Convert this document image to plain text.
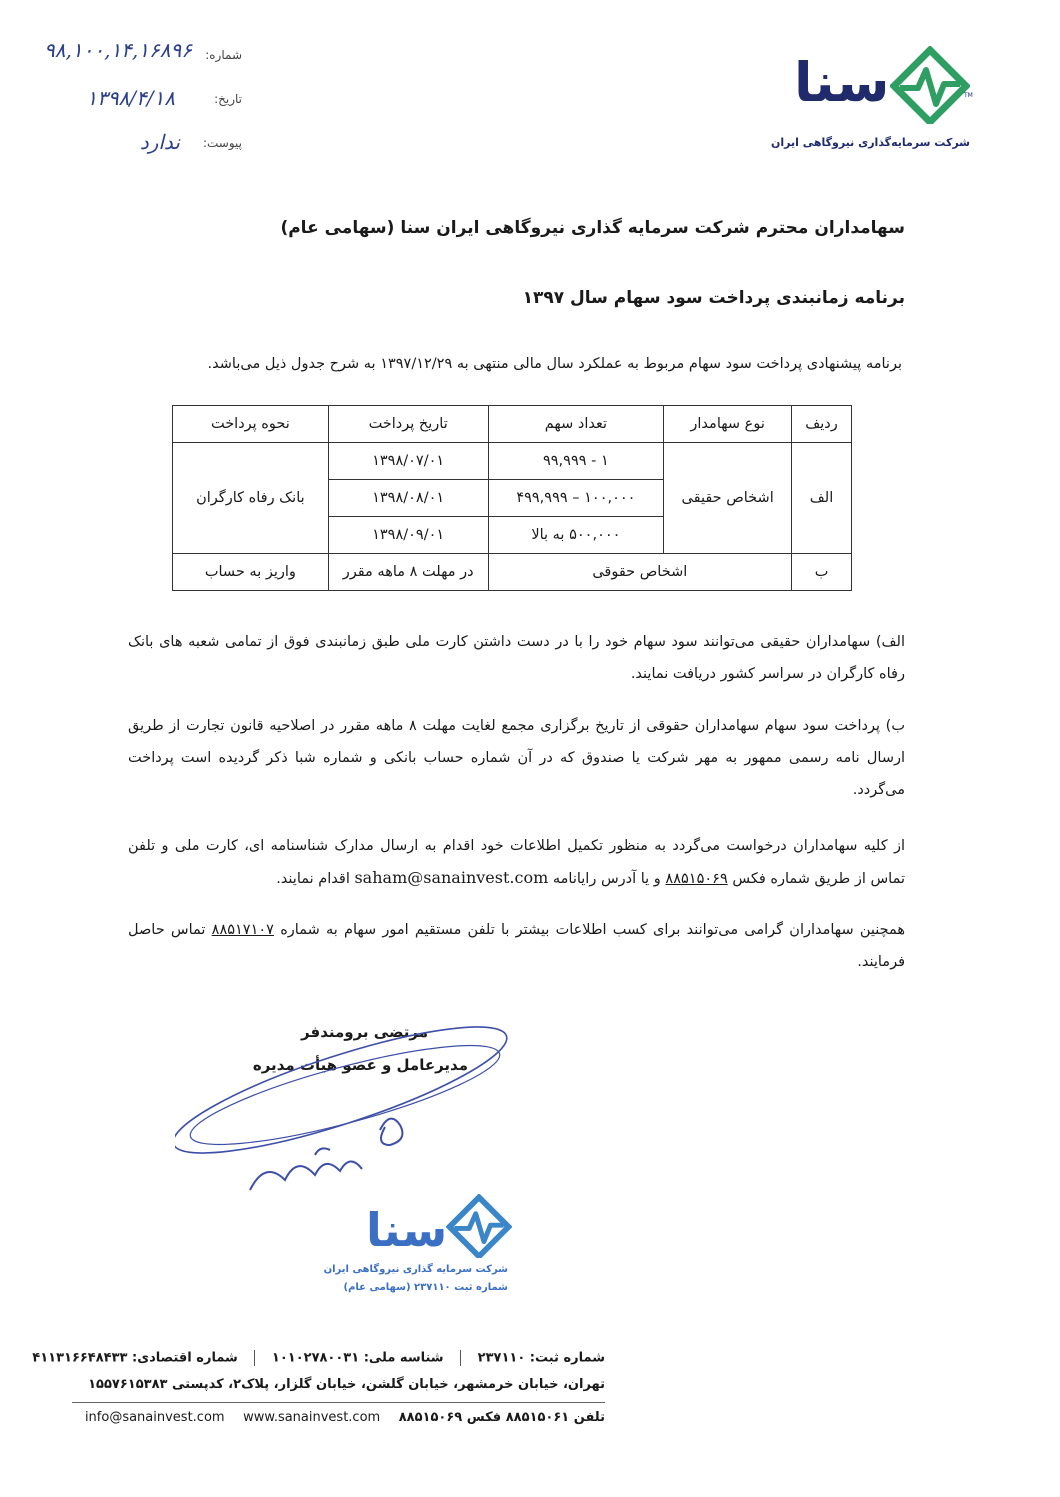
شماره:
۹۸,۱۰۰,۱۴,۱۶۸۹۶
تاریخ:
۱۳۹۸/۴/۱۸
پیوست:
ندارد
سنا	TM
شرکت سرمایه‌گذاری نیروگاهی ایران
سهامداران محترم شرکت سرمایه گذاری نیروگاهی ایران سنا (سهامی عام)
برنامه زمانبندی پرداخت سود سهام سال ۱۳۹۷
برنامه پیشنهادی پرداخت سود سهام مربوط به عملکرد سال مالی منتهی به ۱۳۹۷/۱۲/۲۹ به شرح جدول ذیل می‌باشد.
ردیف	نوع سهامدار	تعداد سهم	تاریخ پرداخت	نحوه پرداخت
الف	اشخاص حقیقی	۱ - ۹۹,۹۹۹	۱۳۹۸/۰۷/۰۱	بانک رفاه کارگران
		۱۰۰,۰۰۰ – ۴۹۹,۹۹۹	۱۳۹۸/۰۸/۰۱	
		۵۰۰,۰۰۰ به بالا	۱۳۹۸/۰۹/۰۱	
ب	اشخاص حقوقی		در مهلت ۸ ماهه مقرر	واریز به حساب
الف) سهامداران حقیقی می‌توانند سود سهام خود را با در دست داشتن کارت ملی طبق زمانبندی فوق از تمامی شعبه های بانک رفاه کارگران در سراسر کشور دریافت نمایند.
ب) پرداخت سود سهام سهامداران حقوقی از تاریخ برگزاری مجمع لغایت مهلت ۸ ماهه مقرر در اصلاحیه قانون تجارت از طریق ارسال نامه رسمی ممهور به مهر شرکت یا صندوق که در آن شماره حساب بانکی و شماره شبا ذکر گردیده است پرداخت می‌گردد.
از کلیه سهامداران درخواست می‌گردد به منظور تکمیل اطلاعات خود اقدام به ارسال مدارک شناسنامه ای، کارت ملی و تلفن تماس از طریق شماره فکس ۸۸۵۱۵۰۶۹ و یا آدرس رایانامه saham@sanainvest.com اقدام نمایند.
همچنین سهامداران گرامی می‌توانند برای کسب اطلاعات بیشتر با تلفن مستقیم امور سهام به شماره ۸۸۵۱۷۱۰۷ تماس حاصل فرمایند.
مرتضی برومندفر
مدیرعامل و عضو هیأت مدیره
سنا
شرکت سرمایه گذاری نیروگاهی ایران
شماره ثبت ۲۳۷۱۱۰ (سهامی عام)
شماره ثبت: ۲۳۷۱۱۰  شناسه ملی: ۱۰۱۰۲۷۸۰۰۳۱  شماره اقتصادی: ۴۱۱۳۱۶۶۴۸۴۳۳
تهران، خیابان خرمشهر، خیابان گلشن، خیابان گلزار، پلاک۲، کدپستی ۱۵۵۷۶۱۵۳۸۳
تلفن ۸۸۵۱۵۰۶۱ فکس ۸۸۵۱۵۰۶۹ info@sanainvest.com www.sanainvest.com
